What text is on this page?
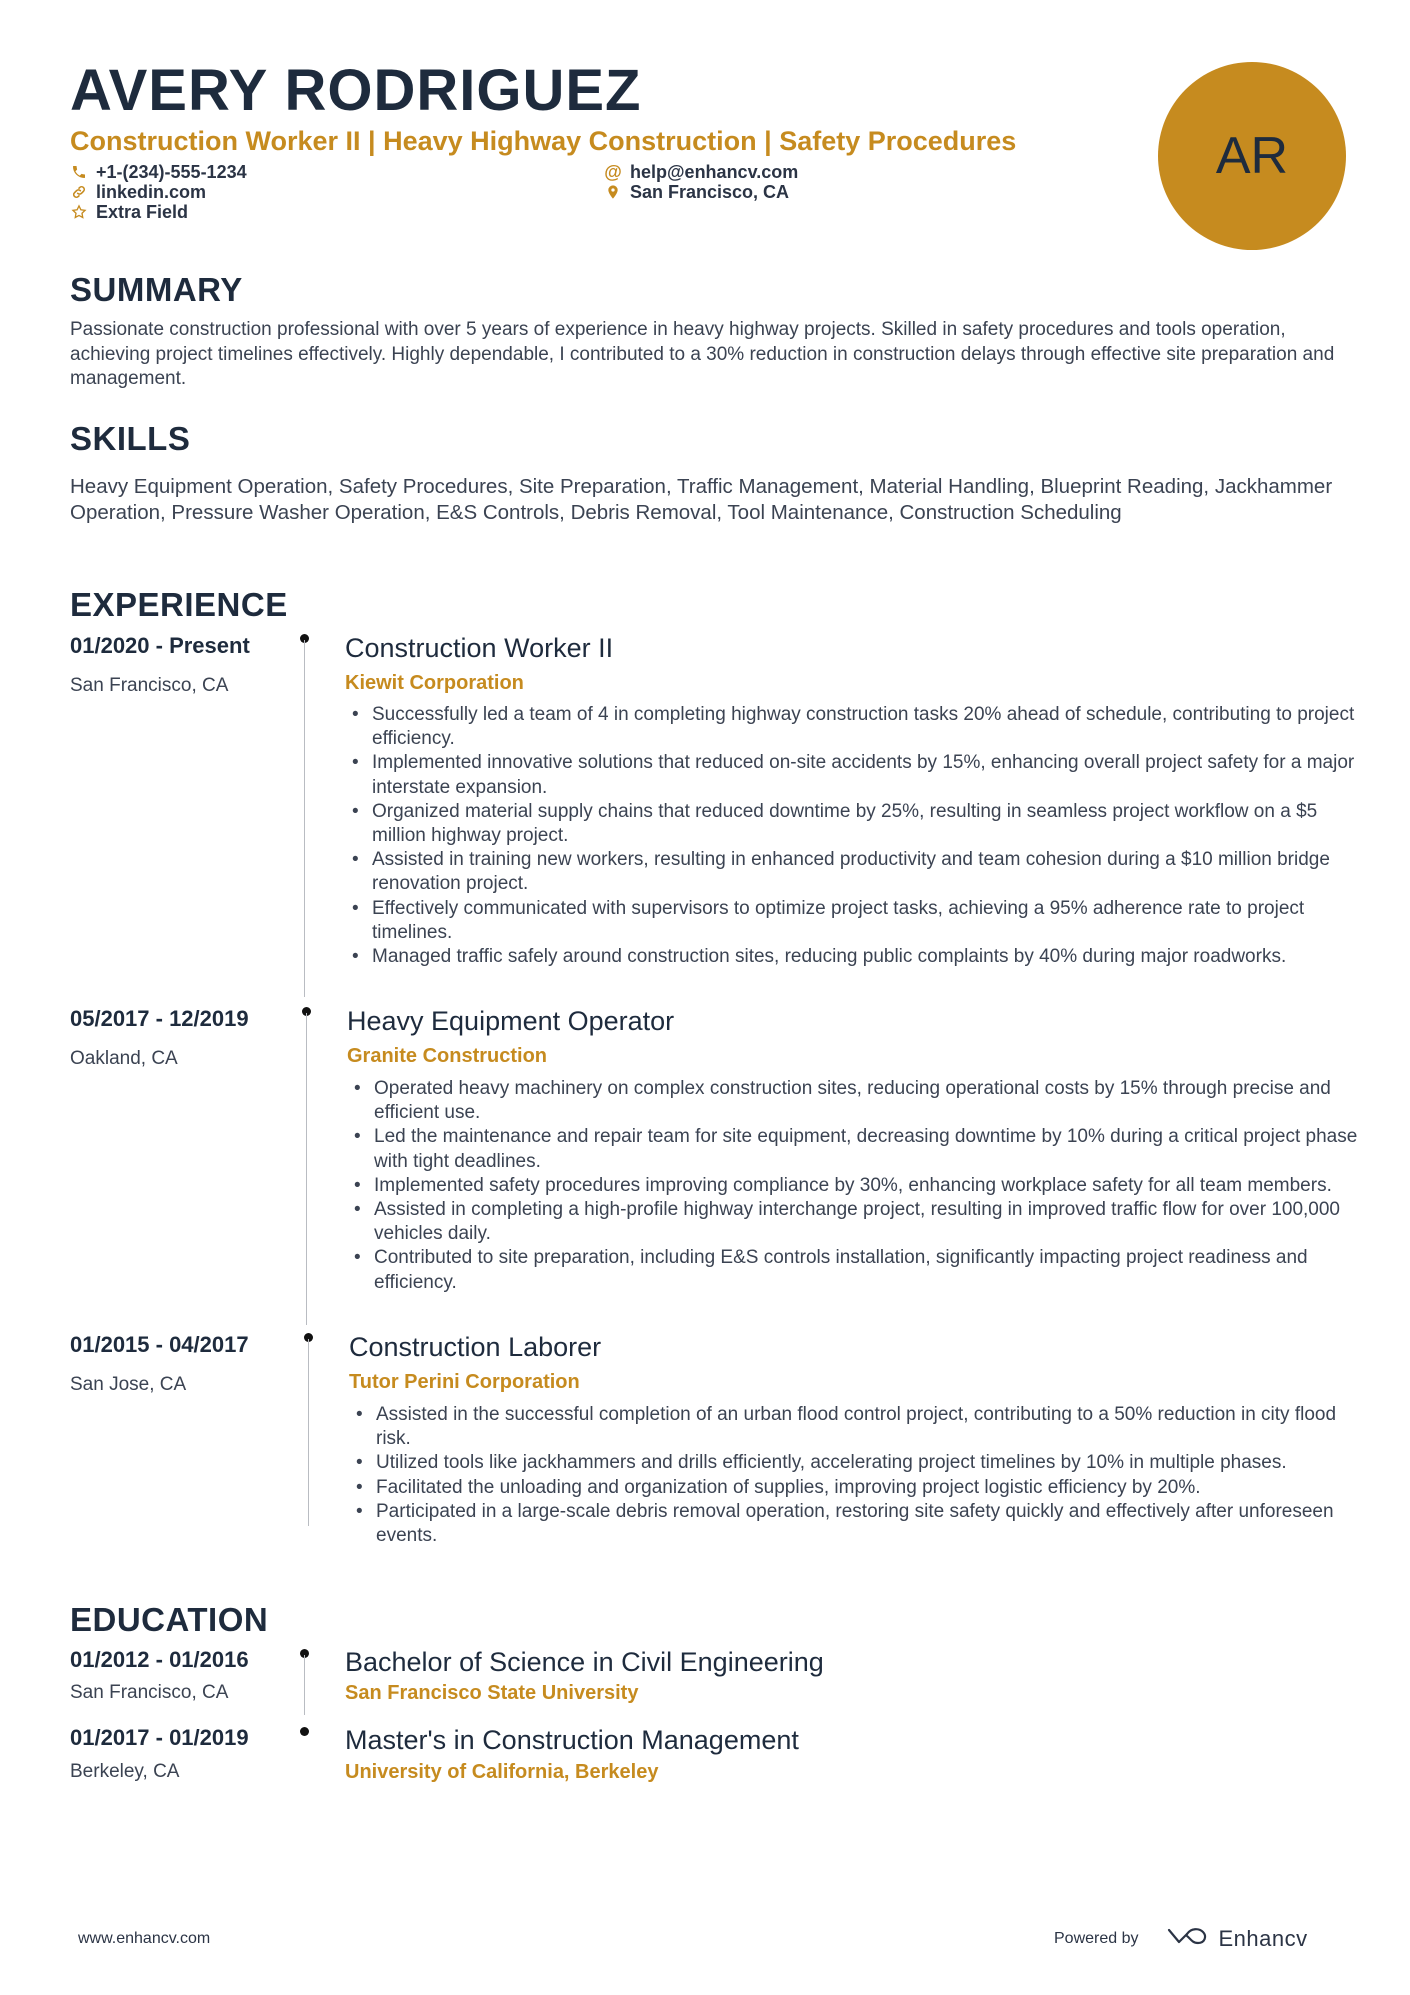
AVERY RODRIGUEZ
Construction Worker II | Heavy Highway Construction | Safety Procedures
+1-(234)-555-1234
linkedin.com
Extra Field
@ help@enhancv.com
San Francisco, CA
AR
SUMMARY

Passionate construction professional with over 5 years of experience in heavy highway projects. Skilled in safety procedures and tools operation, achieving project timelines effectively. Highly dependable, I contributed to a 30% reduction in construction delays through effective site preparation and management.

SKILLS

Heavy Equipment Operation, Safety Procedures, Site Preparation, Traffic Management, Material Handling, Blueprint Reading, Jackhammer Operation, Pressure Washer Operation, E&S Controls, Debris Removal, Tool Maintenance, Construction Scheduling

EXPERIENCE
01/2020 - Present
San Francisco, CA
Construction Worker II
Kiewit Corporation
• Successfully led a team of 4 in completing highway construction tasks 20% ahead of schedule, contributing to project efficiency.
• Implemented innovative solutions that reduced on-site accidents by 15%, enhancing overall project safety for a major interstate expansion.
• Organized material supply chains that reduced downtime by 25%, resulting in seamless project workflow on a $5 million highway project.
• Assisted in training new workers, resulting in enhanced productivity and team cohesion during a $10 million bridge renovation project.
• Effectively communicated with supervisors to optimize project tasks, achieving a 95% adherence rate to project timelines.
• Managed traffic safely around construction sites, reducing public complaints by 40% during major roadworks.
05/2017 - 12/2019
Oakland, CA
Heavy Equipment Operator
Granite Construction
• Operated heavy machinery on complex construction sites, reducing operational costs by 15% through precise and efficient use.
• Led the maintenance and repair team for site equipment, decreasing downtime by 10% during a critical project phase with tight deadlines.
• Implemented safety procedures improving compliance by 30%, enhancing workplace safety for all team members.
• Assisted in completing a high-profile highway interchange project, resulting in improved traffic flow for over 100,000 vehicles daily.
• Contributed to site preparation, including E&S controls installation, significantly impacting project readiness and efficiency.
01/2015 - 04/2017
San Jose, CA
Construction Laborer
Tutor Perini Corporation
• Assisted in the successful completion of an urban flood control project, contributing to a 50% reduction in city flood risk.
• Utilized tools like jackhammers and drills efficiently, accelerating project timelines by 10% in multiple phases.
• Facilitated the unloading and organization of supplies, improving project logistic efficiency by 20%.
• Participated in a large-scale debris removal operation, restoring site safety quickly and effectively after unforeseen events.
EDUCATION
01/2012 - 01/2016
San Francisco, CA
Bachelor of Science in Civil Engineering
San Francisco State University
01/2017 - 01/2019
Berkeley, CA
Master's in Construction Management
University of California, Berkeley
www.enhancv.com	Powered by	Enhancv
